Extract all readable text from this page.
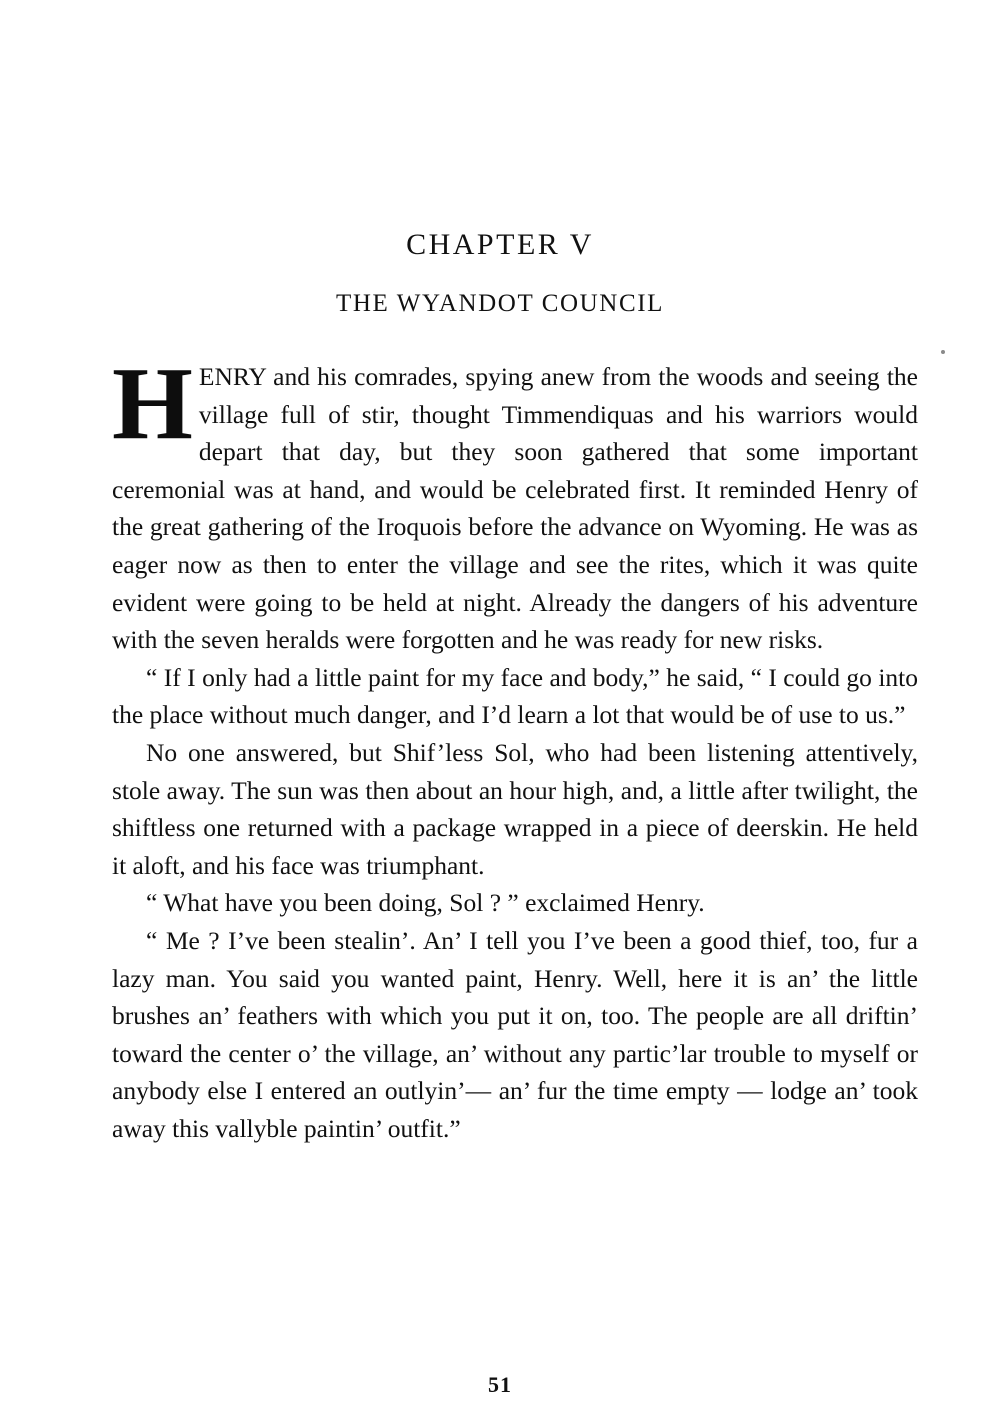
CHAPTER V
THE WYANDOT COUNCIL

HENRY and his comrades, spying anew from the woods and seeing the village full of stir, thought Timmendiquas and his warriors would depart that day, but they soon gathered that some important ceremonial was at hand, and would be celebrated first. It reminded Henry of the great gathering of the Iroquois before the advance on Wyoming. He was as eager now as then to enter the village and see the rites, which it was quite evident were going to be held at night. Already the dangers of his adventure with the seven heralds were forgotten and he was ready for new risks.

“ If I only had a little paint for my face and body,” he said, “ I could go into the place without much danger, and I’d learn a lot that would be of use to us.”

No one answered, but Shif’less Sol, who had been listening attentively, stole away. The sun was then about an hour high, and, a little after twilight, the shiftless one returned with a package wrapped in a piece of deerskin. He held it aloft, and his face was triumphant.

“ What have you been doing, Sol ? ” exclaimed Henry.

“ Me ? I’ve been stealin’. An’ I tell you I’ve been a good thief, too, fur a lazy man. You said you wanted paint, Henry. Well, here it is an’ the little brushes an’ feathers with which you put it on, too. The people are all driftin’ toward the center o’ the village, an’ without any partic’lar trouble to myself or anybody else I entered an outlyin’— an’ fur the time empty — lodge an’ took away this vallyble paintin’ outfit.”

51
